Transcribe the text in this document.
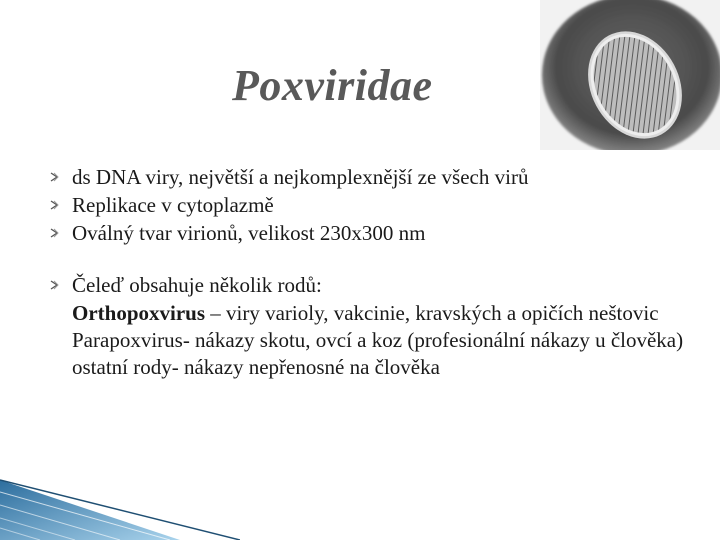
Poxviridae
ds DNA viry, největší a nejkomplexnější ze všech virů
Replikace v cytoplazmě
Oválný tvar virionů, velikost 230x300 nm
Čeleď obsahuje několik rodů:
Orthopoxvirus – viry varioly, vakcinie, kravských a opičích neštovic
Parapoxvirus- nákazy skotu, ovcí a koz (profesionální nákazy u člověka)
ostatní rody- nákazy nepřenosné na člověka
